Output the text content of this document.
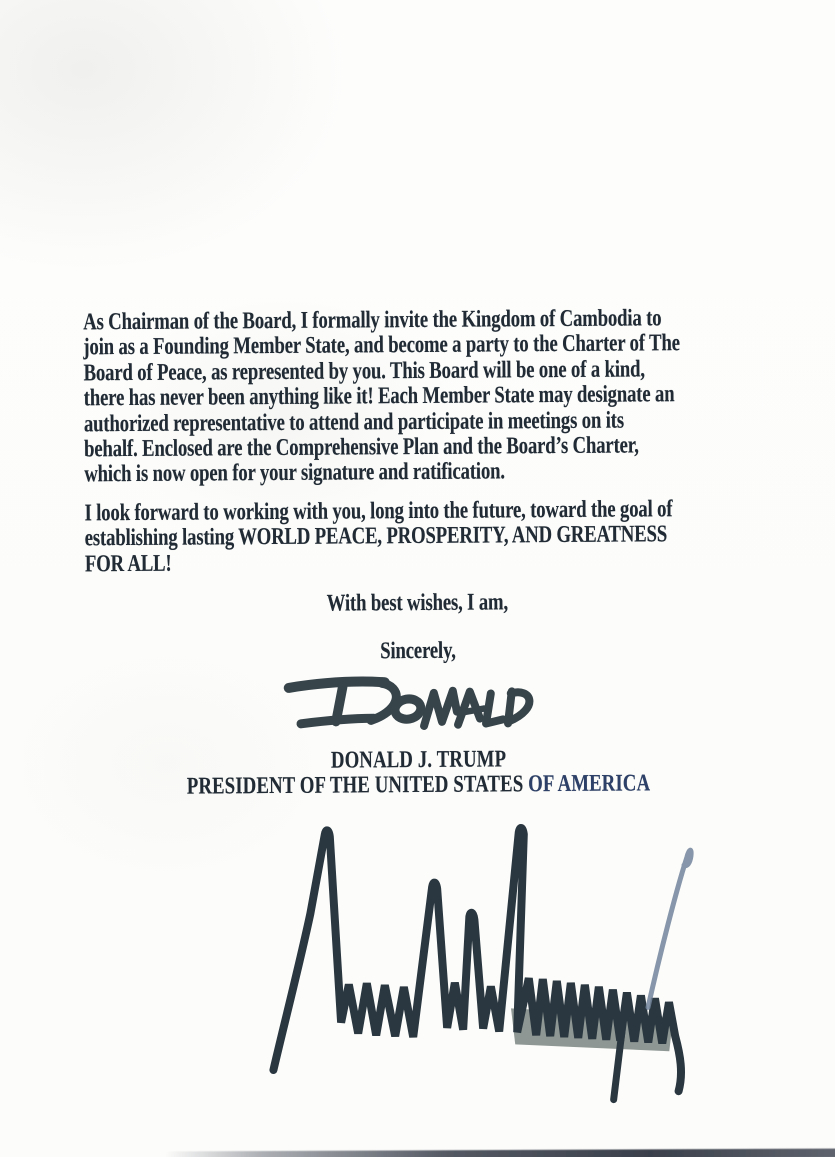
As Chairman of the Board, I formally invite the Kingdom of Cambodia to
join as a Founding Member State, and become a party to the Charter of The
Board of Peace, as represented by you. This Board will be one of a kind,
there has never been anything like it! Each Member State may designate an
authorized representative to attend and participate in meetings on its
behalf. Enclosed are the Comprehensive Plan and the Board’s Charter,
which is now open for your signature and ratification.
I look forward to working with you, long into the future, toward the goal of
establishing lasting WORLD PEACE, PROSPERITY, AND GREATNESS
FOR ALL!
With best wishes, I am,
Sincerely,
DONALD J. TRUMP
PRESIDENT OF THE UNITED STATES OF AMERICA
